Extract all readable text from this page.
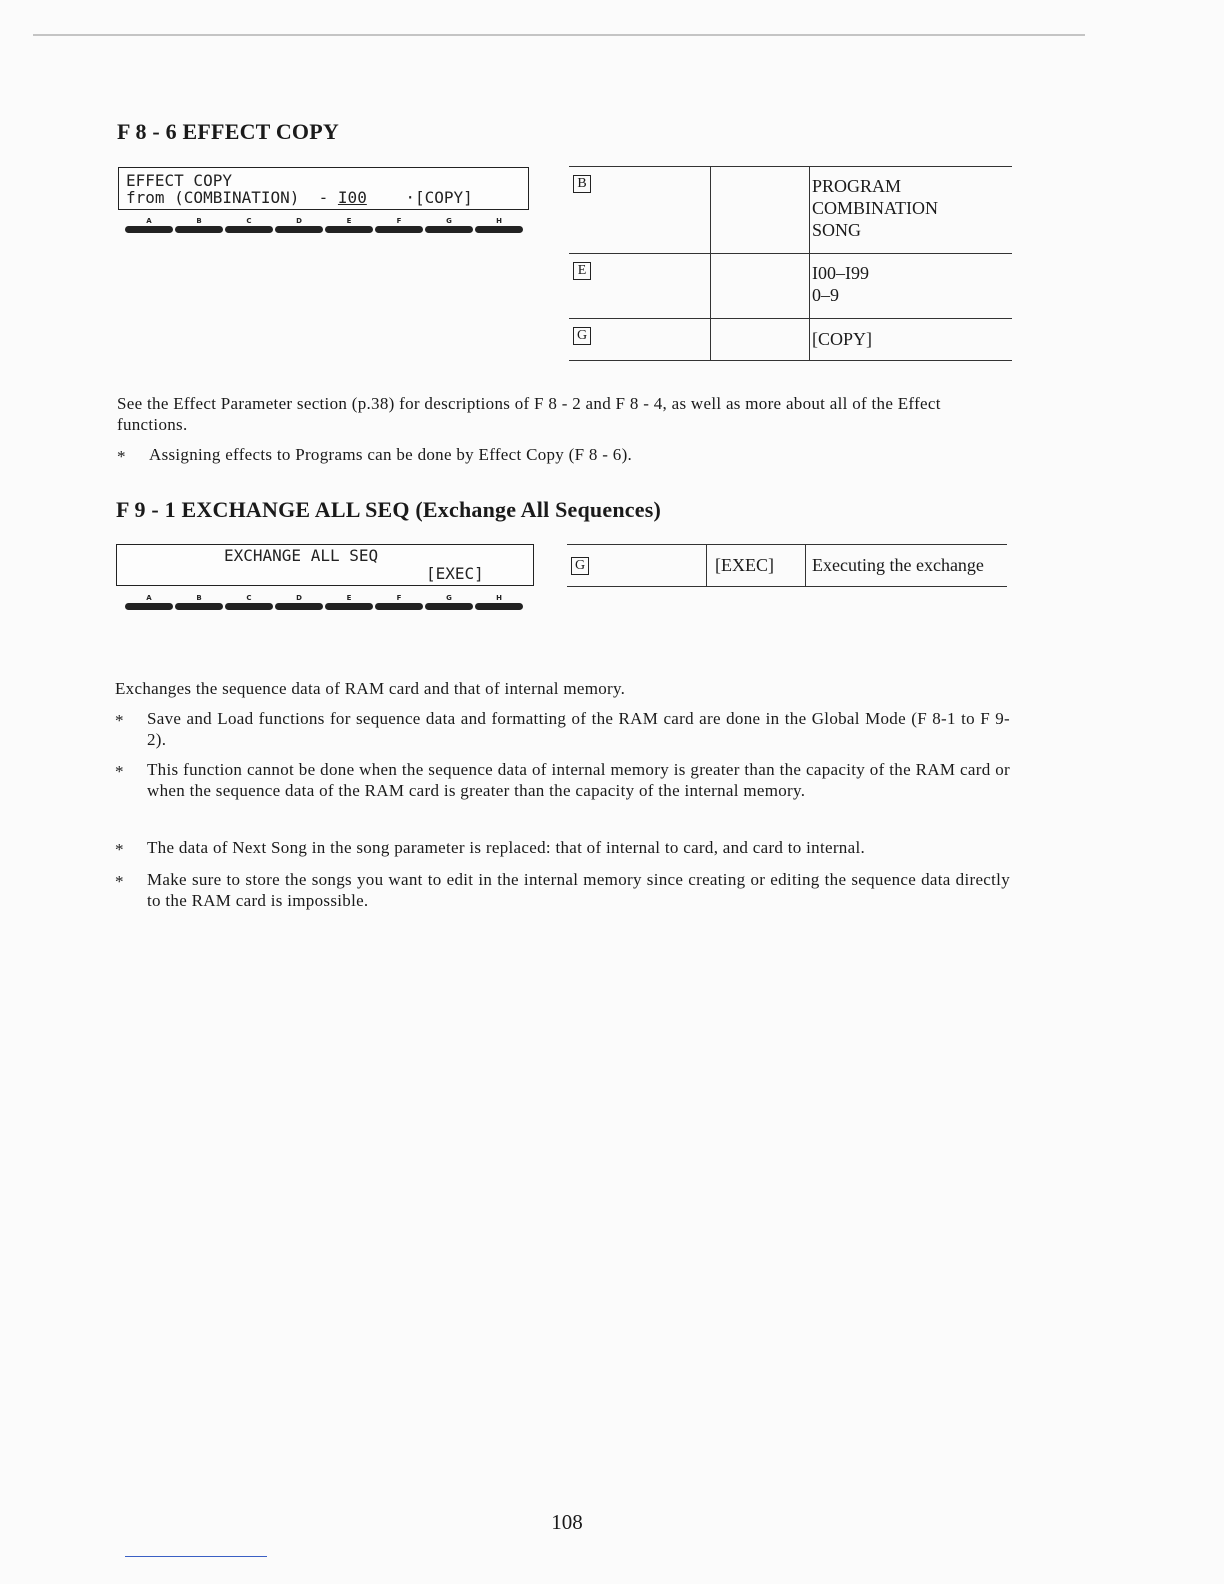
F 8 - 6 EFFECT COPY
EFFECT COPY
from (COMBINATION)  - I00    ·[COPY]
A	B	C	D	E	F	G	H
B		PROGRAM
COMBINATION
SONG

E		I00–I99
0–9

G		[COPY]
See the Effect Parameter section (p.38) for descriptions of F 8 - 2 and F 8 - 4, as well as more about all of the Effect functions.
* Assigning effects to Programs can be done by Effect Copy (F 8 - 6).
F 9 - 1 EXCHANGE ALL SEQ (Exchange All Sequences)
EXCHANGE ALL SEQ
[EXEC]
A	B	C	D	E	F	G	H
G	[EXEC]	Executing the exchange
Exchanges the sequence data of RAM card and that of internal memory.
* Save and Load functions for sequence data and formatting of the RAM card are done in the Global Mode (F 8-1 to F 9-2).
* This function cannot be done when the sequence data of internal memory is greater than the capacity of the RAM card or when the sequence data of the RAM card is greater than the capacity of the internal memory.
* The data of Next Song in the song parameter is replaced: that of internal to card, and card to internal.
* Make sure to store the songs you want to edit in the internal memory since creating or editing the sequence data directly to the RAM card is impossible.
108
